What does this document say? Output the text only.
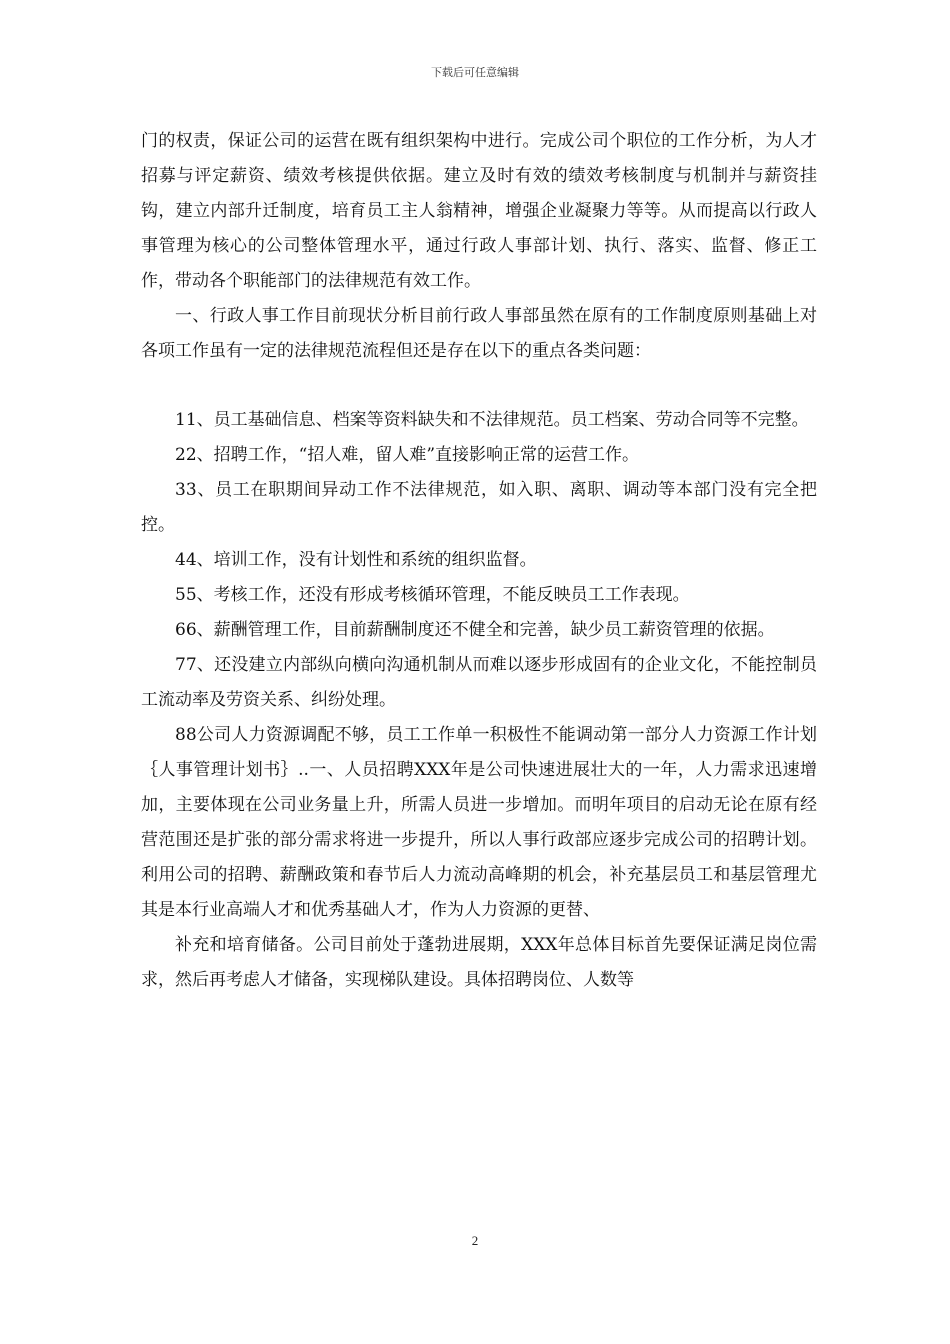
下载后可任意编辑

门的权责，保证公司的运营在既有组织架构中进行。完成公司个职位的工作分析，为人才招募与评定薪资、绩效考核提供依据。建立及时有效的绩效考核制度与机制并与薪资挂钩，建立内部升迁制度，培育员工主人翁精神，增强企业凝聚力等等。从而提高以行政人事管理为核心的公司整体管理水平，通过行政人事部计划、执行、落实、监督、修正工作，带动各个职能部门的法律规范有效工作。

一、行政人事工作目前现状分析目前行政人事部虽然在原有的工作制度原则基础上对各项工作虽有一定的法律规范流程但还是存在以下的重点各类问题：

11、员工基础信息、档案等资料缺失和不法律规范。员工档案、劳动合同等不完整。

22、招聘工作，“招人难，留人难”直接影响正常的运营工作。

33、员工在职期间异动工作不法律规范，如入职、离职、调动等本部门没有完全把控。

44、培训工作，没有计划性和系统的组织监督。

55、考核工作，还没有形成考核循环管理，不能反映员工工作表现。

66、薪酬管理工作，目前薪酬制度还不健全和完善，缺少员工薪资管理的依据。

77、还没建立内部纵向横向沟通机制从而难以逐步形成固有的企业文化，不能控制员工流动率及劳资关系、纠纷处理。

88公司人力资源调配不够，员工工作单一积极性不能调动第一部分人力资源工作计划｛人事管理计划书｝..一、人员招聘XXX年是公司快速进展壮大的一年，人力需求迅速增加，主要体现在公司业务量上升，所需人员进一步增加。而明年项目的启动无论在原有经营范围还是扩张的部分需求将进一步提升，所以人事行政部应逐步完成公司的招聘计划。利用公司的招聘、薪酬政策和春节后人力流动高峰期的机会，补充基层员工和基层管理尤其是本行业高端人才和优秀基础人才，作为人力资源的更替、

补充和培育储备。公司目前处于蓬勃进展期，XXX年总体目标首先要保证满足岗位需求，然后再考虑人才储备，实现梯队建设。具体招聘岗位、人数等

2
